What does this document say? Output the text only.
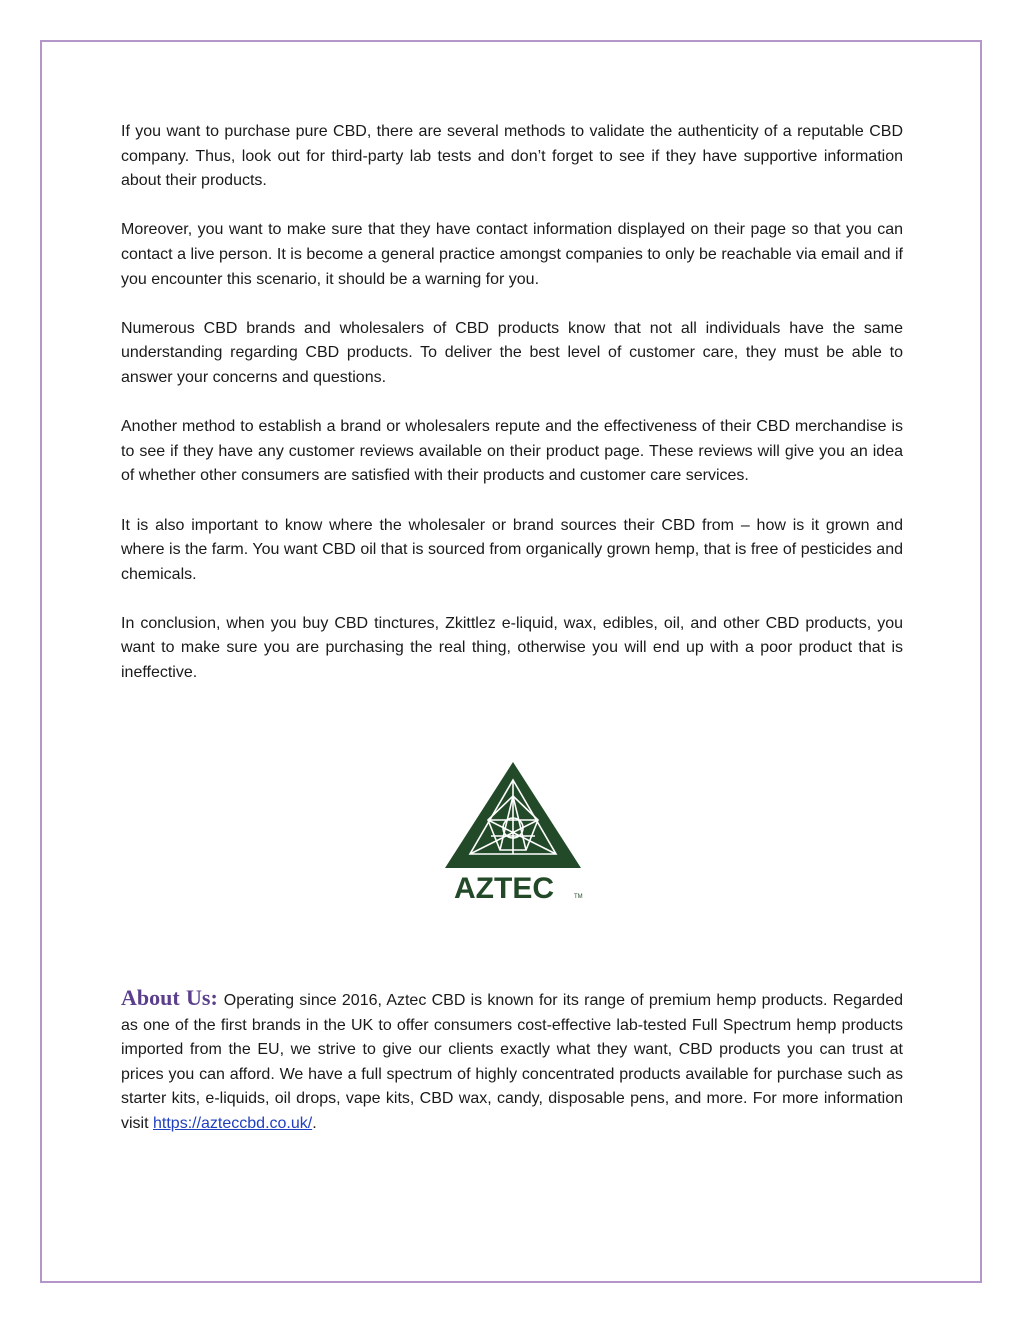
If you want to purchase pure CBD, there are several methods to validate the authenticity of a reputable CBD company. Thus, look out for third-party lab tests and don’t forget to see if they have supportive information about their products.

Moreover, you want to make sure that they have contact information displayed on their page so that you can contact a live person. It is become a general practice amongst companies to only be reachable via email and if you encounter this scenario, it should be a warning for you.

Numerous CBD brands and wholesalers of CBD products know that not all individuals have the same understanding regarding CBD products. To deliver the best level of customer care, they must be able to answer your concerns and questions.

Another method to establish a brand or wholesalers repute and the effectiveness of their CBD merchandise is to see if they have any customer reviews available on their product page. These reviews will give you an idea of whether other consumers are satisfied with their products and customer care services.

It is also important to know where the wholesaler or brand sources their CBD from – how is it grown and where is the farm. You want CBD oil that is sourced from organically grown hemp, that is free of pesticides and chemicals.

In conclusion, when you buy CBD tinctures, Zkittlez e-liquid, wax, edibles, oil, and other CBD products, you want to make sure you are purchasing the real thing, otherwise you will end up with a poor product that is ineffective.

AZTEC	TM
About Us: Operating since 2016, Aztec CBD is known for its range of premium hemp products. Regarded as one of the first brands in the UK to offer consumers cost-effective lab-tested Full Spectrum hemp products imported from the EU, we strive to give our clients exactly what they want, CBD products you can trust at prices you can afford. We have a full spectrum of highly concentrated products available for purchase such as starter kits, e-liquids, oil drops, vape kits, CBD wax, candy, disposable pens, and more. For more information visit https://azteccbd.co.uk/.
